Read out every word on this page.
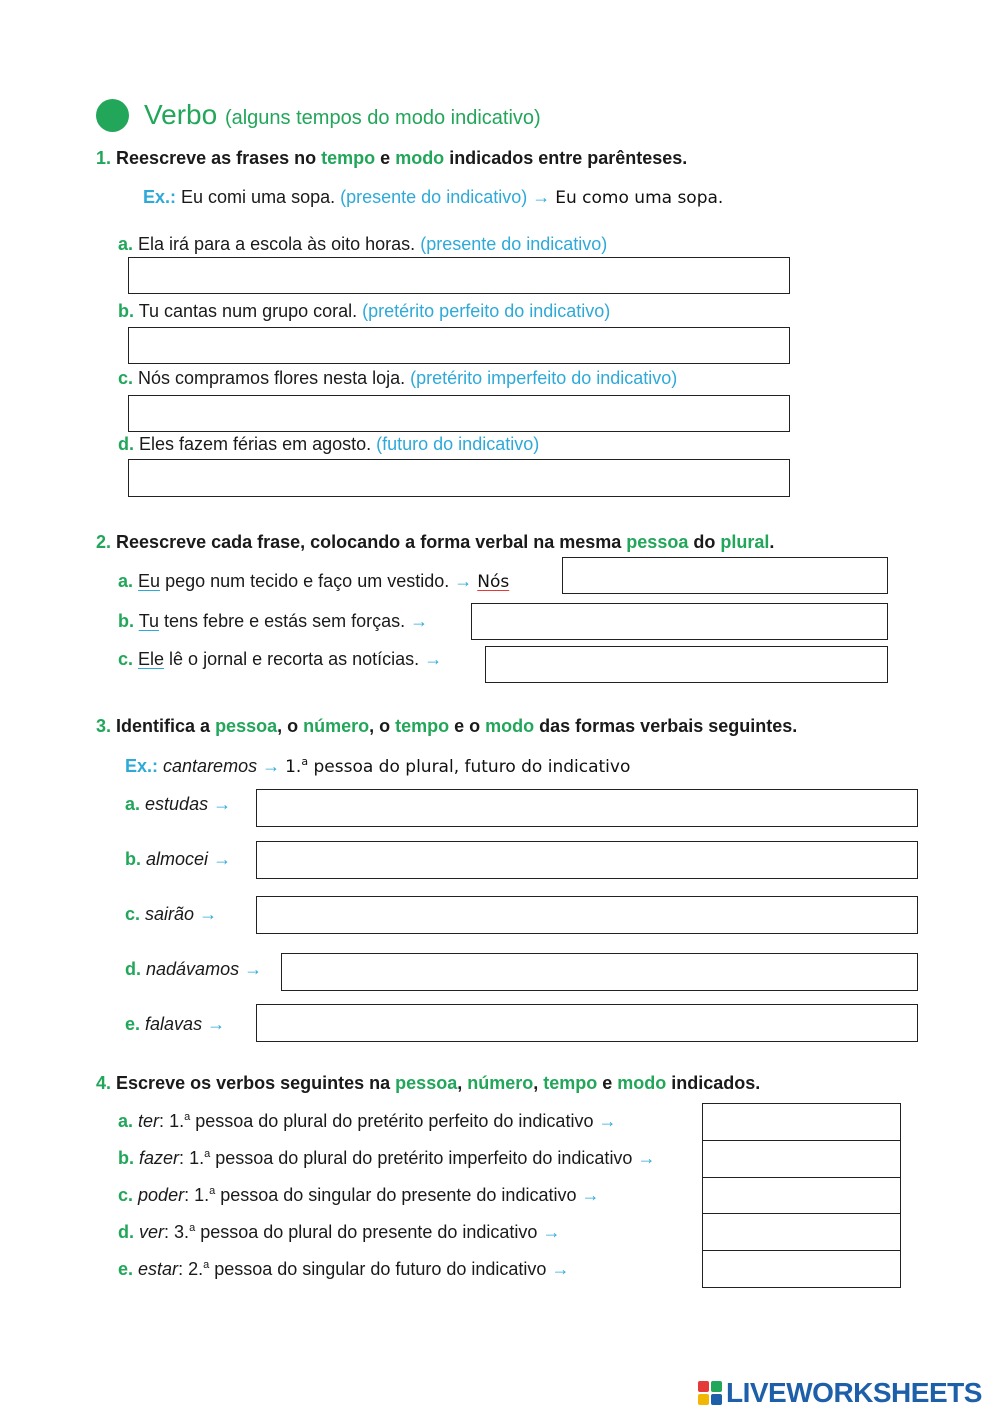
Verbo (alguns tempos do modo indicativo)
1. Reescreve as frases no tempo e modo indicados entre parênteses.
Ex.: Eu comi uma sopa. (presente do indicativo) → Eu como uma sopa.
a. Ela irá para a escola às oito horas. (presente do indicativo)
b. Tu cantas num grupo coral. (pretérito perfeito do indicativo)
c. Nós compramos flores nesta loja. (pretérito imperfeito do indicativo)
d. Eles fazem férias em agosto. (futuro do indicativo)
2. Reescreve cada frase, colocando a forma verbal na mesma pessoa do plural.
a. Eu pego num tecido e faço um vestido. → Nós
b. Tu tens febre e estás sem forças. →
c. Ele lê o jornal e recorta as notícias. →
3. Identifica a pessoa, o número, o tempo e o modo das formas verbais seguintes.
Ex.: cantaremos → 1.$^a$ pessoa do plural, futuro do indicativo
a. estudas →
b. almocei →
c. sairão →
d. nadávamos →
e. falavas →
4. Escreve os verbos seguintes na pessoa, número, tempo e modo indicados.
a. ter: 1.$^a$ pessoa do plural do pretérito perfeito do indicativo →
b. fazer: 1.$^a$ pessoa do plural do pretérito imperfeito do indicativo →
c. poder: 1.$^a$ pessoa do singular do presente do indicativo →
d. ver: 3.$^a$ pessoa do plural do presente do indicativo →
e. estar: 2.$^a$ pessoa do singular do futuro do indicativo →
LIVEWORKSHEETS
